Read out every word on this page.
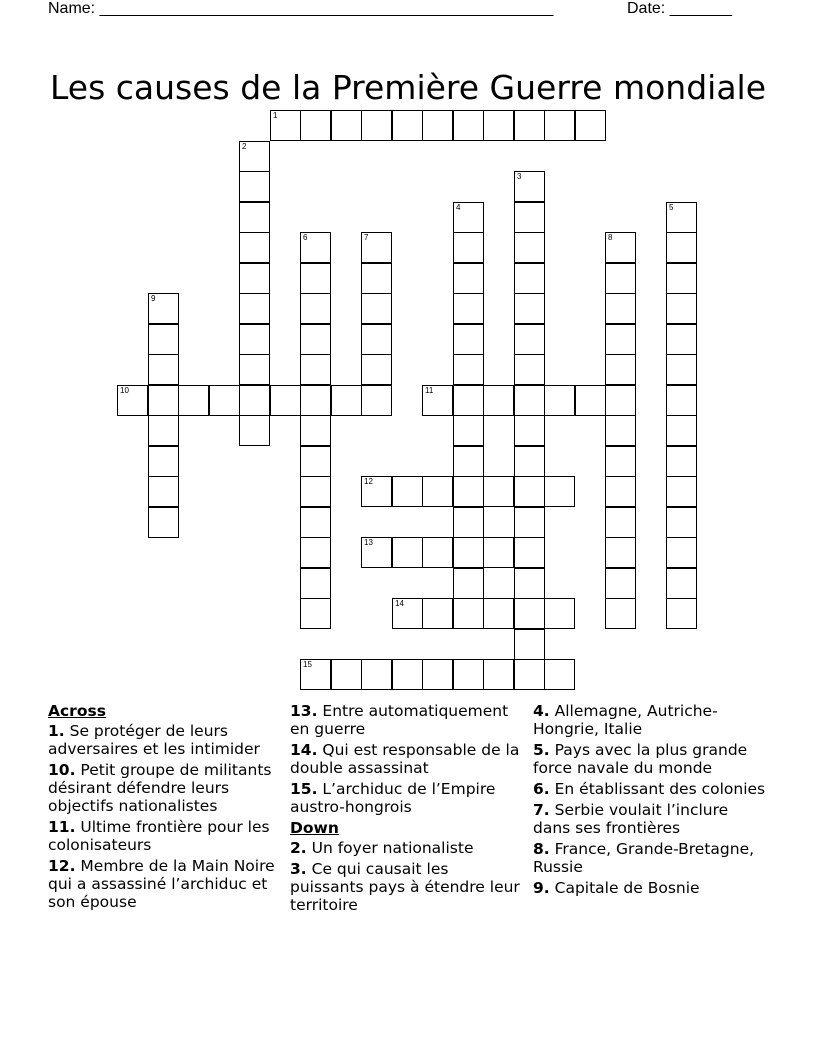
Name: ___________________________________________________	Date: _______
Les causes de la Première Guerre mondiale
1
2
3
4	5
6	7	8
9
10	11
12
13
14
15
Across
1. Se protéger de leurs adversaires et les intimider
10. Petit groupe de militants désirant défendre leurs objectifs nationalistes
11. Ultime frontière pour les colonisateurs
12. Membre de la Main Noire qui a assassiné l’archiduc et son épouse
13. Entre automatiquement en guerre
14. Qui est responsable de la double assassinat
15. L’archiduc de l’Empire austro-hongrois
Down
2. Un foyer nationaliste
3. Ce qui causait les puissants pays à étendre leur territoire
4. Allemagne, Autriche-Hongrie, Italie
5. Pays avec la plus grande force navale du monde
6. En établissant des colonies
7. Serbie voulait l’inclure dans ses frontières
8. France, Grande-Bretagne, Russie
9. Capitale de Bosnie
